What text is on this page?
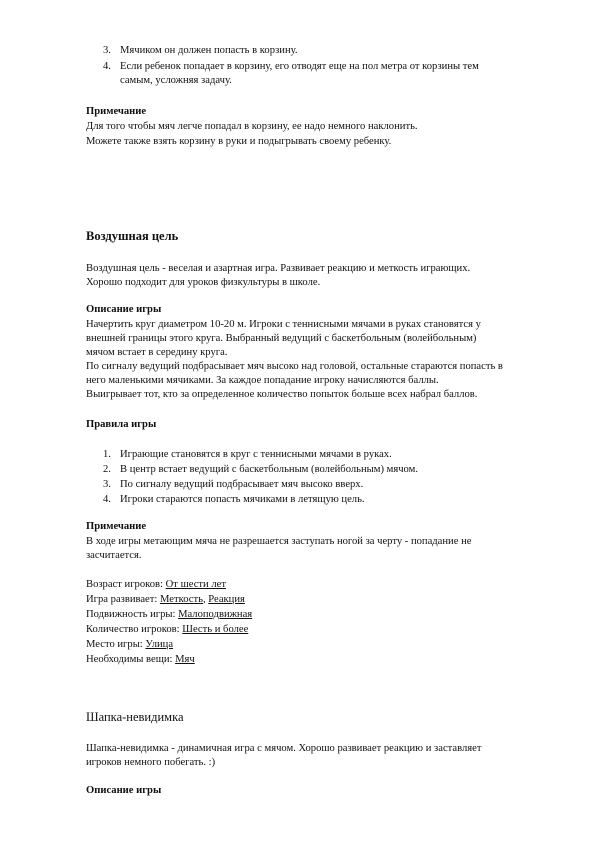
3. Мячиком он должен попасть в корзину.
4. Если ребенок попадает в корзину, его отводят еще на пол метра от корзины тем
самым, усложняя задачу.
Примечание
Для того чтобы мяч легче попадал в корзину, ее надо немного наклонить.
Можете также взять корзину в руки и подыгрывать своему ребенку.
Воздушная цель
Воздушная цель - веселая и азартная игра. Развивает реакцию и меткость играющих.
Хорошо подходит для уроков физкультуры в школе.
Описание игры
Начертить круг диаметром 10-20 м. Игроки с теннисными мячами в руках становятся у
внешней границы этого круга. Выбранный ведущий с баскетбольным (волейбольным)
мячом встает в середину круга.
По сигналу ведущий подбрасывает мяч высоко над головой, остальные стараются попасть в
него маленькими мячиками. За каждое попадание игроку начисляются баллы.
Выигрывает тот, кто за определенное количество попыток больше всех набрал баллов.
Правила игры
1. Играющие становятся в круг с теннисными мячами в руках.
2. В центр встает ведущий с баскетбольным (волейбольным) мячом.
3. По сигналу ведущий подбрасывает мяч высоко вверх.
4. Игроки стараются попасть мячиками в летящую цель.
Примечание
В ходе игры метающим мяча не разрешается заступать ногой за черту - попадание не
засчитается.
Возраст игроков: От шести лет
Игра развивает: Меткость, Реакция
Подвижность игры: Малоподвижная
Количество игроков: Шесть и более
Место игры: Улица
Необходимы вещи: Мяч
Шапка-невидимка
Шапка-невидимка - динамичная игра с мячом. Хорошо развивает реакцию и заставляет
игроков немного побегать. :)
Описание игры
